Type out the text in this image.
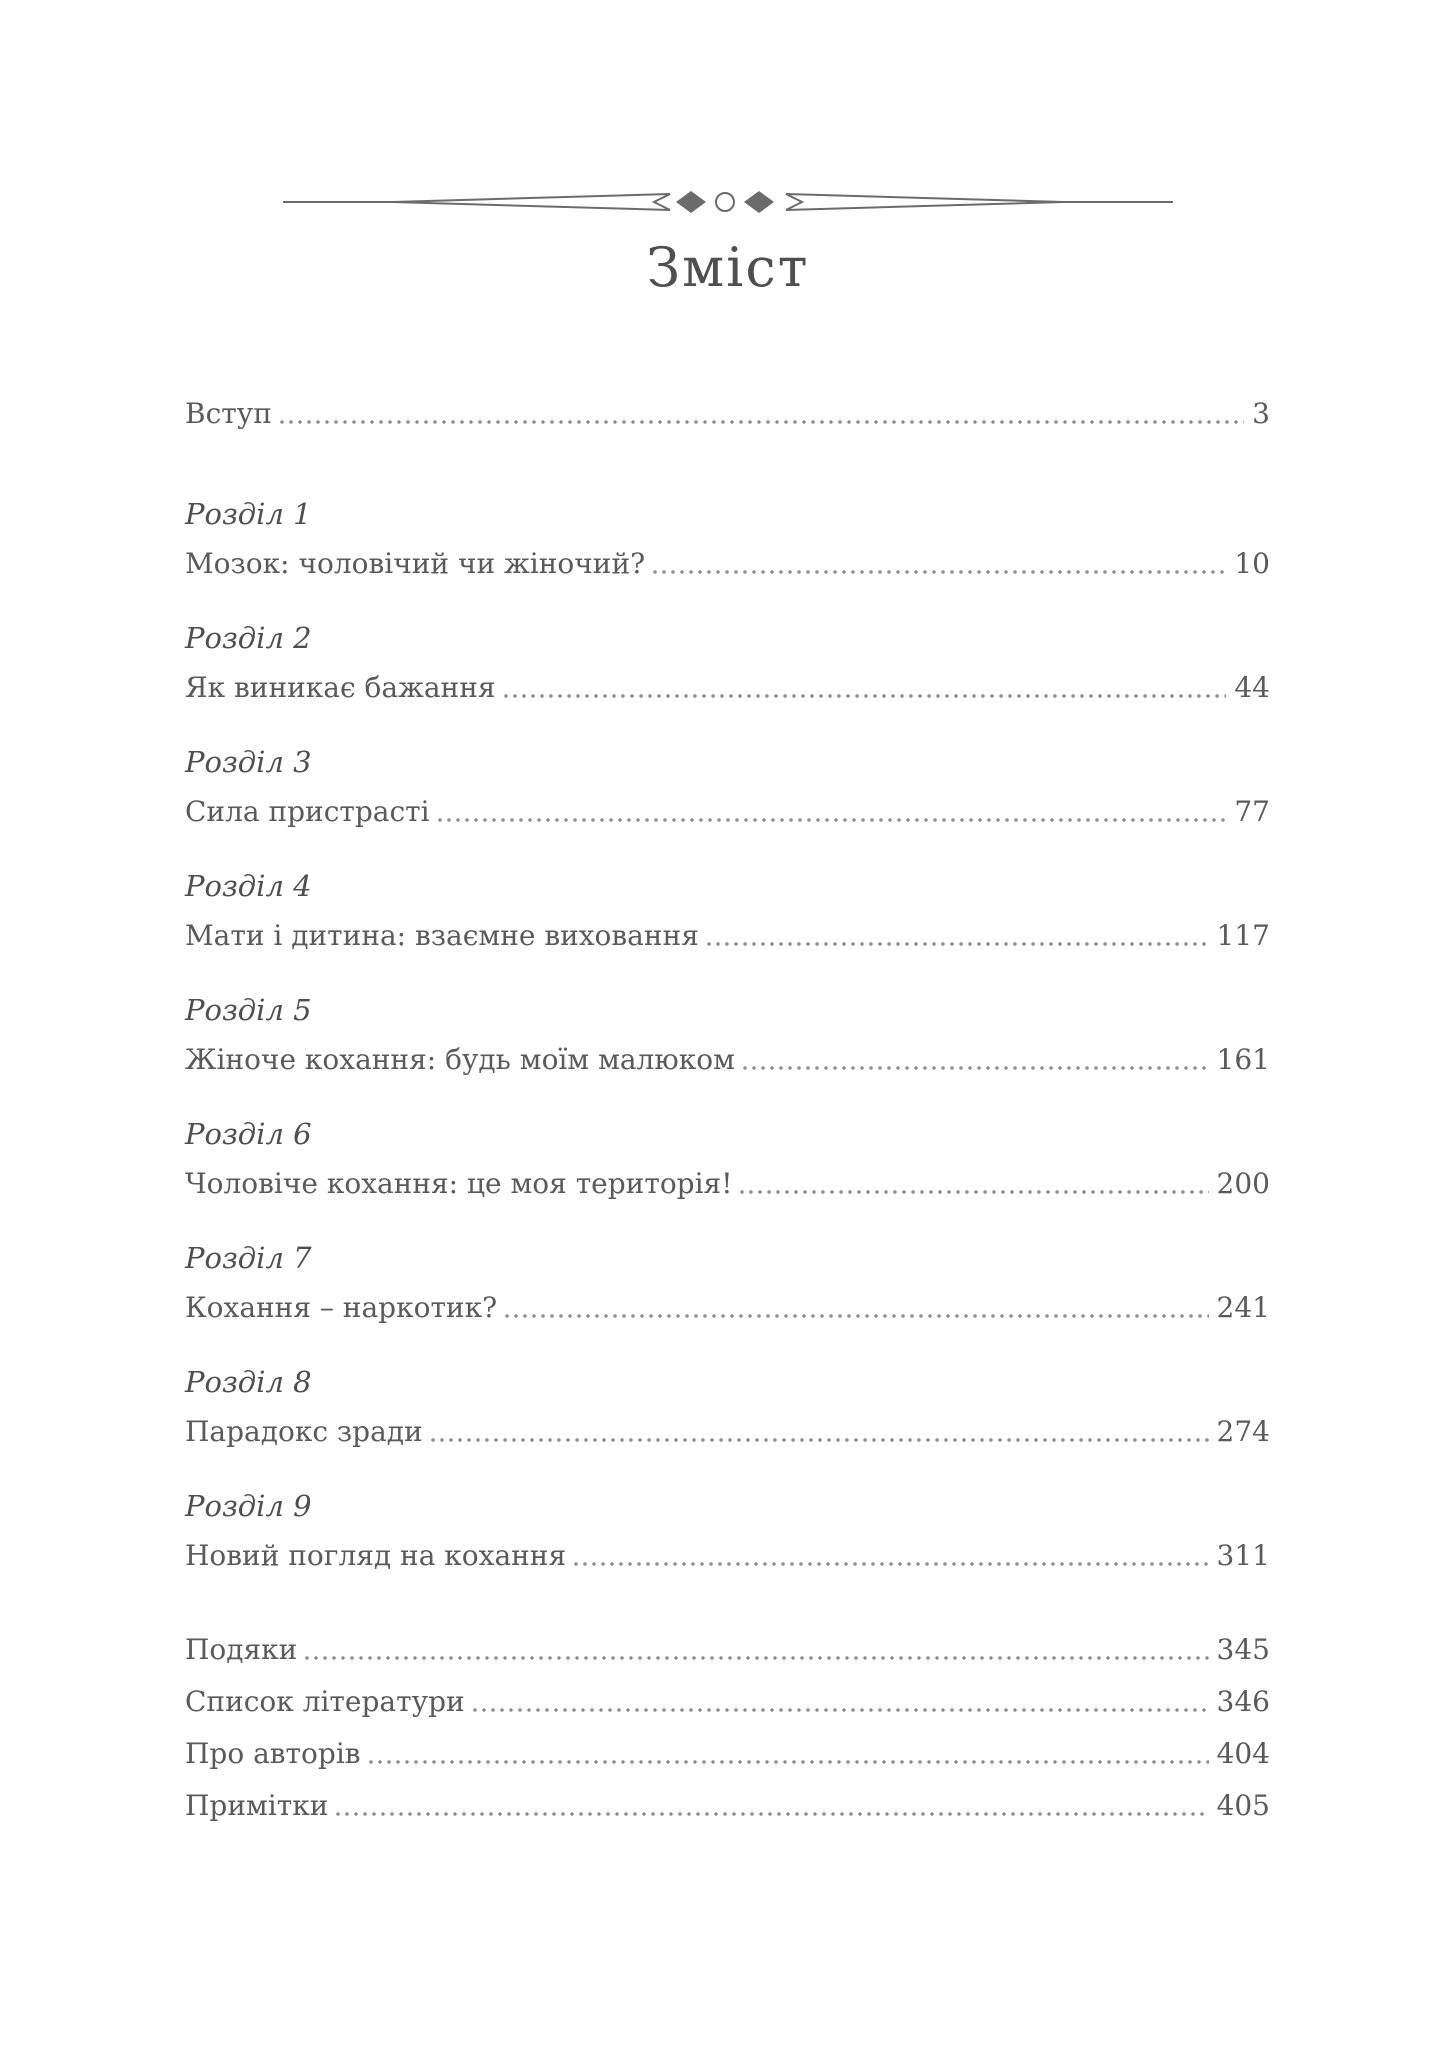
Зміст
Вступ	3
Розділ 1
Мозок: чоловічий чи жіночий?	10
Розділ 2
Як виникає бажання	44
Розділ 3
Сила пристрасті	77
Розділ 4
Мати і дитина: взаємне виховання	117
Розділ 5
Жіноче кохання: будь моїм малюком	161
Розділ 6
Чоловіче кохання: це моя територія!	200
Розділ 7
Кохання – наркотик?	241
Розділ 8
Парадокс зради	274
Розділ 9
Новий погляд на кохання	311
Подяки	345
Список літератури	346
Про авторів	404
Примітки	405
